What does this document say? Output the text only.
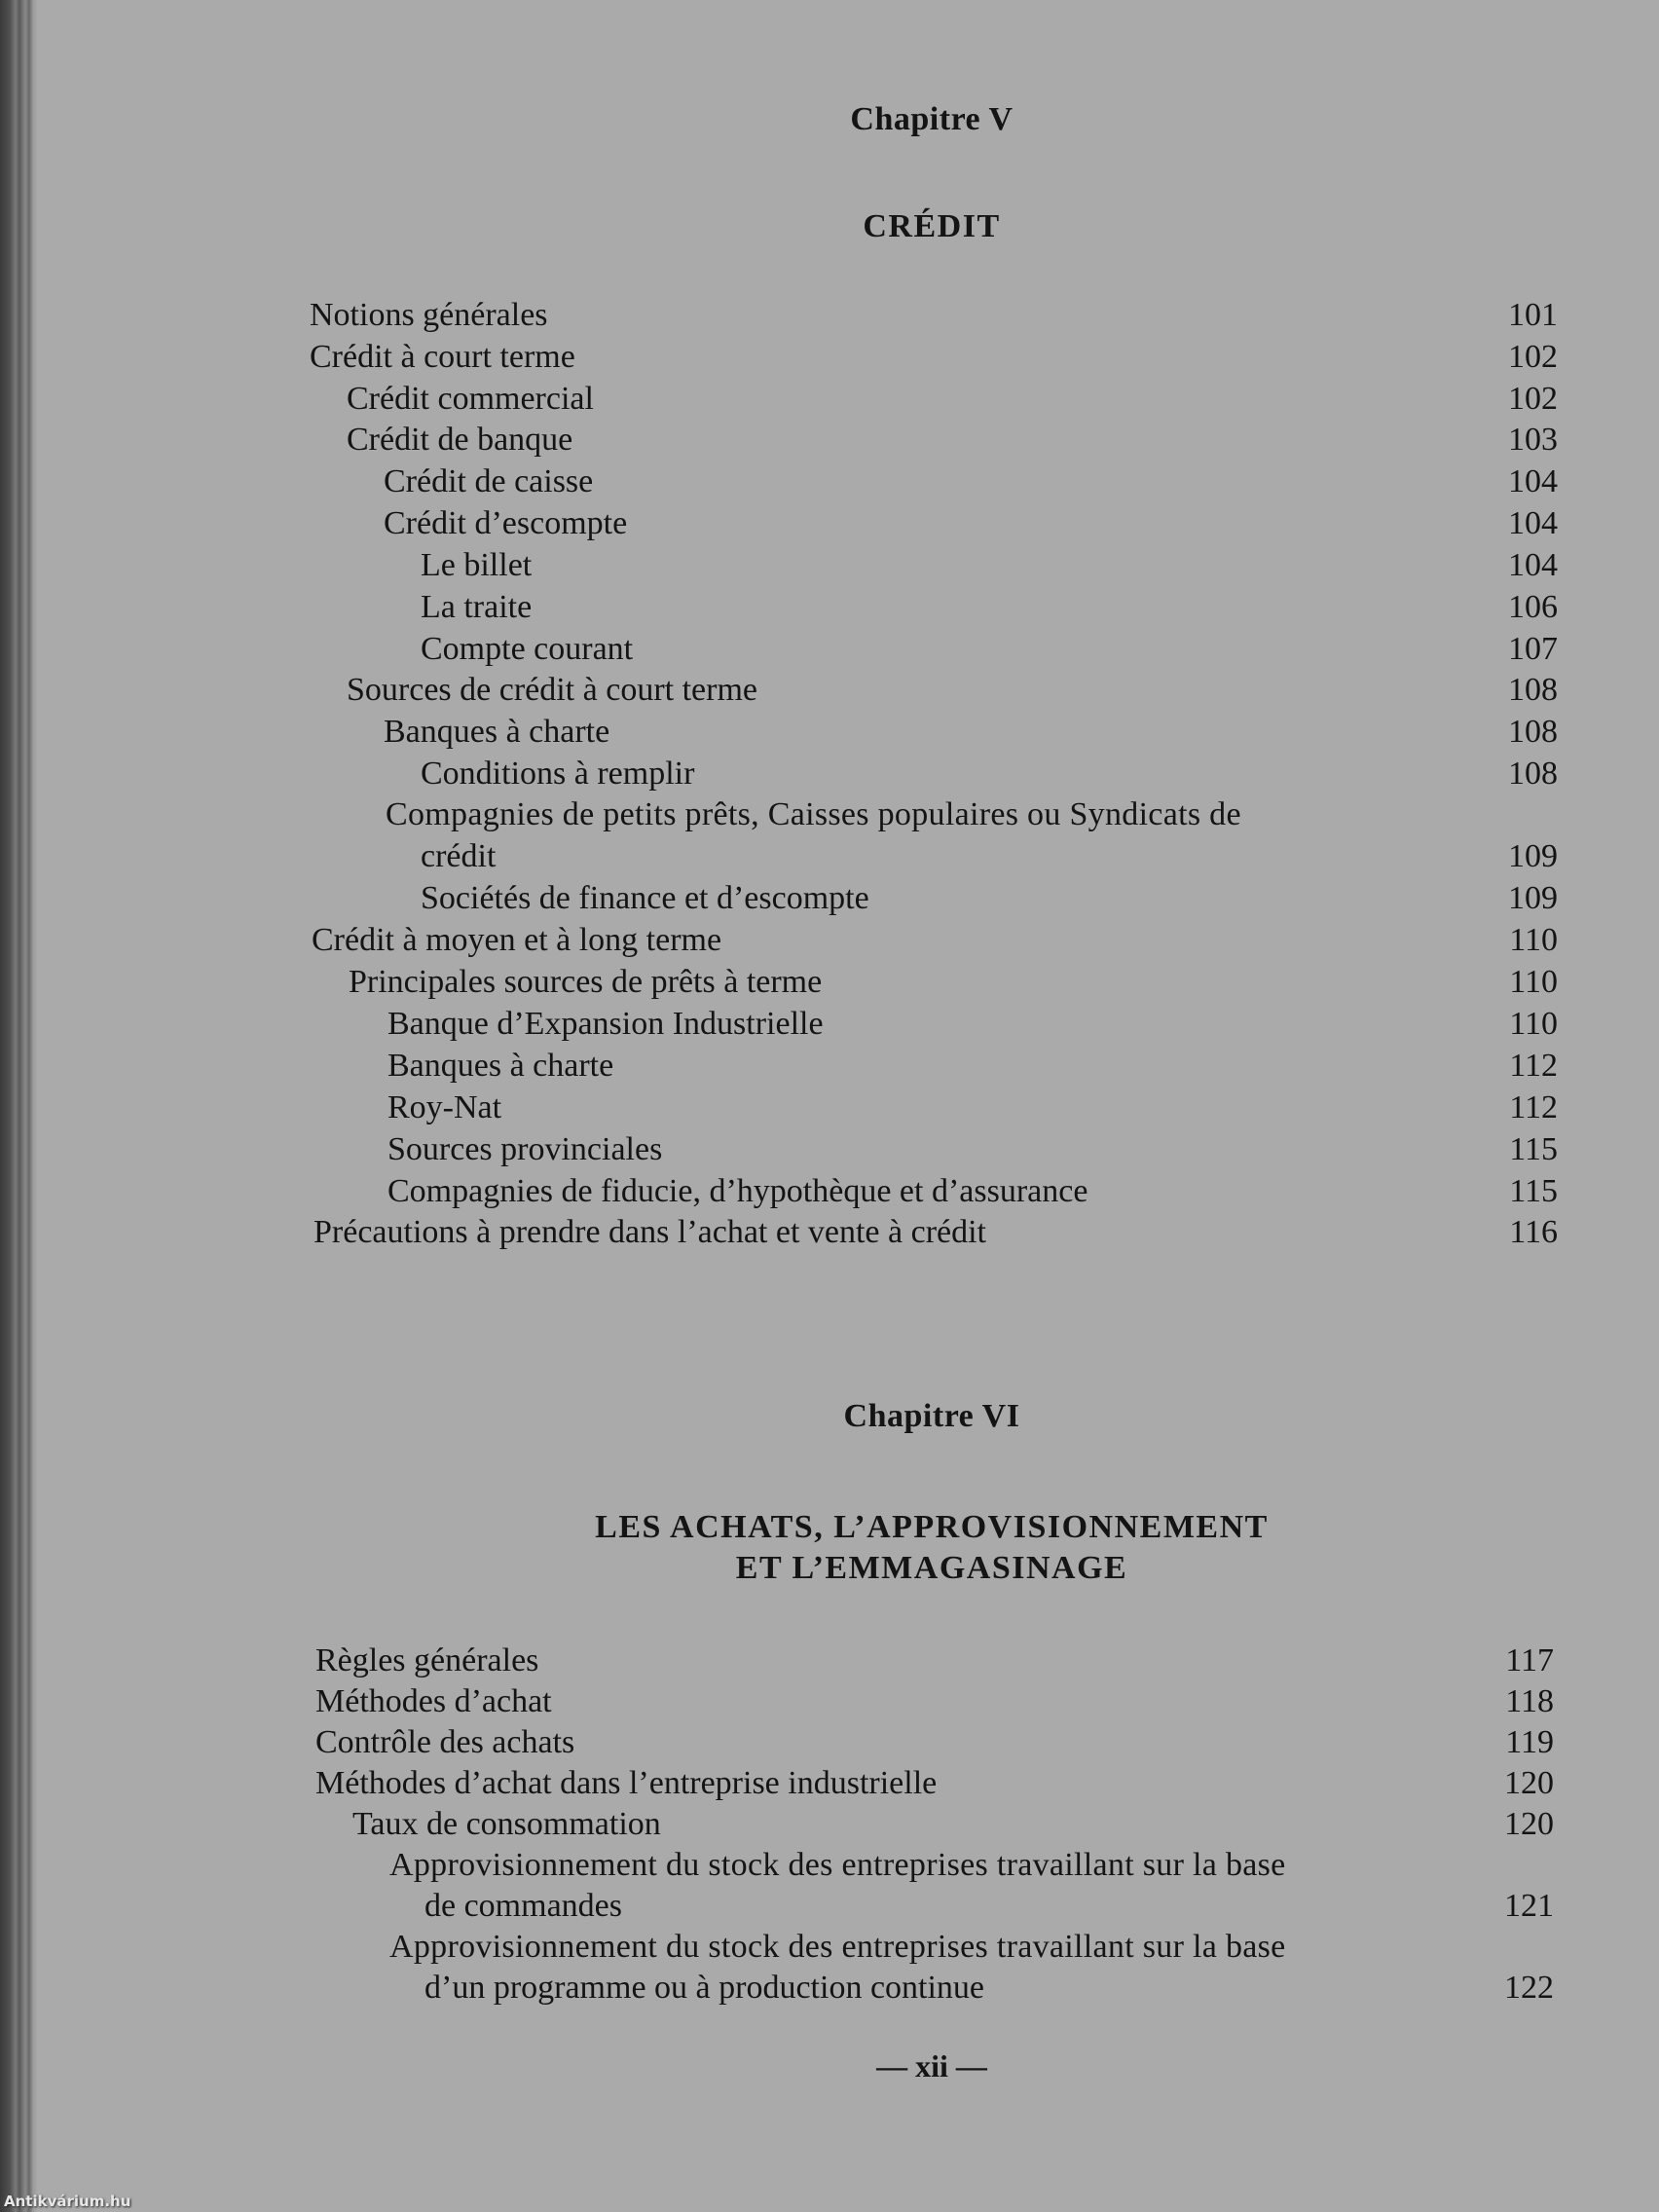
Chapitre V
CRÉDIT
Notions générales	101
Crédit à court terme	102
Crédit commercial	102
Crédit de banque	103
Crédit de caisse	104
Crédit d’escompte	104
Le billet	104
La traite	106
Compte courant	107
Sources de crédit à court terme	108
Banques à charte	108
Conditions à remplir	108
Compagnies de petits prêts, Caisses populaires ou Syndicats de
crédit	109
Sociétés de finance et d’escompte	109
Crédit à moyen et à long terme	110
Principales sources de prêts à terme	110
Banque d’Expansion Industrielle	110
Banques à charte	112
Roy-Nat	112
Sources provinciales	115
Compagnies de fiducie, d’hypothèque et d’assurance	115
Précautions à prendre dans l’achat et vente à crédit	116
Chapitre VI
LES ACHATS, L’APPROVISIONNEMENT
ET L’EMMAGASINAGE
Règles générales	117
Méthodes d’achat	118
Contrôle des achats	119
Méthodes d’achat dans l’entreprise industrielle	120
Taux de consommation	120
Approvisionnement du stock des entreprises travaillant sur la base
de commandes	121
Approvisionnement du stock des entreprises travaillant sur la base
d’un programme ou à production continue	122
— xii —
Antikvárium.hu
